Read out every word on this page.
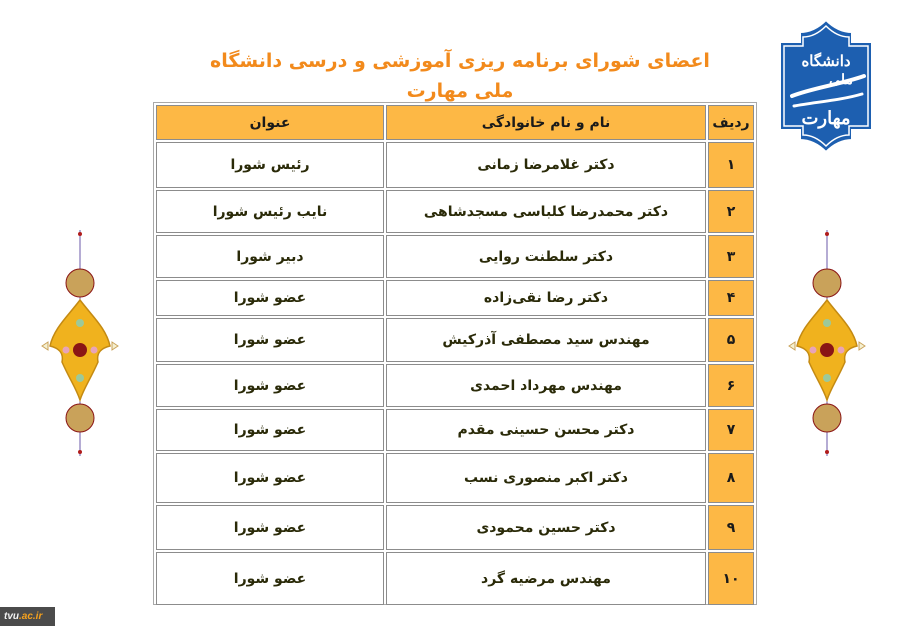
اعضای شورای برنامه ریزی آموزشی و درسی دانشگاه ملی مهارت
دانشگاه
ملی
مهارت
ردیف	نام و نام خانوادگی	عنوان
۱	دکتر غلامرضا زمانی	رئیس شورا
۲	دکتر محمدرضا کلباسی مسجدشاهی	نایب رئیس شورا
۳	دکتر سلطنت روایی	دبیر شورا
۴	دکتر رضا نقی‌زاده	عضو شورا
۵	مهندس سید مصطفی آذرکیش	عضو شورا
۶	مهندس مهرداد احمدی	عضو شورا
۷	دکتر محسن حسینی مقدم	عضو شورا
۸	دکتر اکبر منصوری نسب	عضو شورا
۹	دکتر حسین محمودی	عضو شورا
۱۰	مهندس مرضیه گرد	عضو شورا
tvu.ac.ir
